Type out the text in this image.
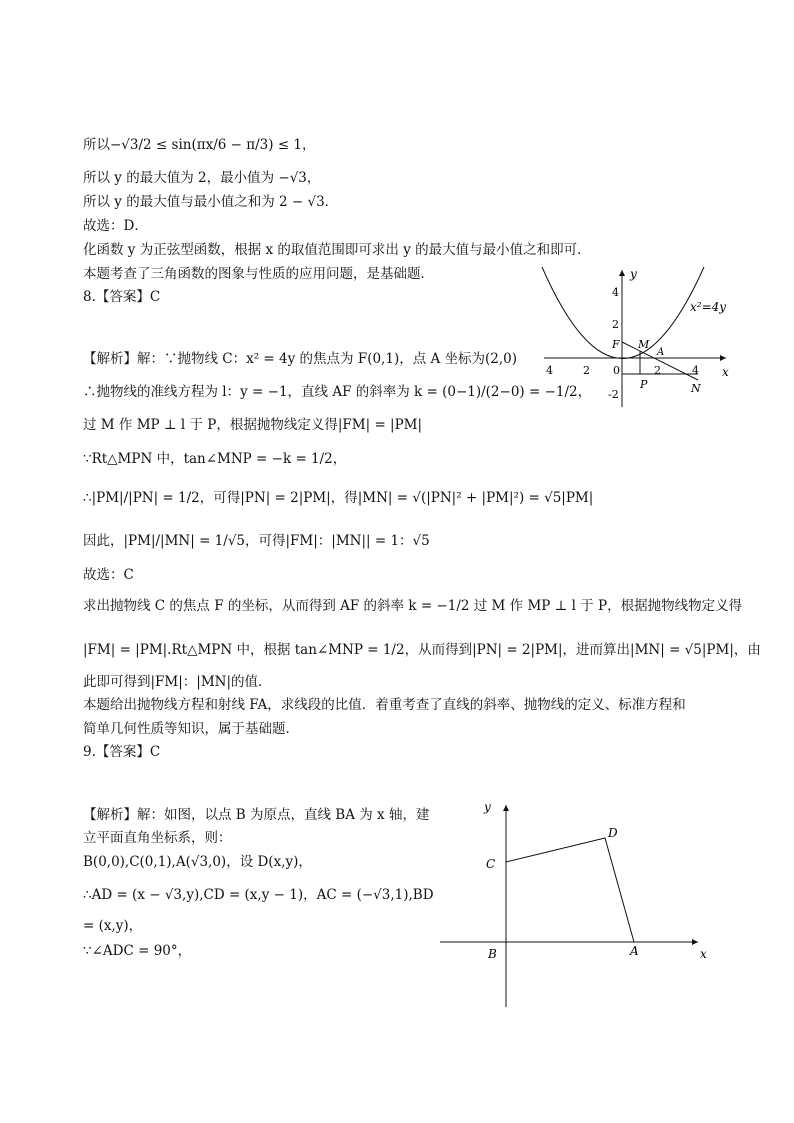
所以−√3/2 ≤ sin(πx/6 − π/3) ≤ 1，
所以 y 的最大值为 2，最小值为 −√3，
所以 y 的最大值与最小值之和为 2 − √3．
故选：D．
化函数 y 为正弦型函数，根据 x 的取值范围即可求出 y 的最大值与最小值之和即可．
本题考查了三角函数的图象与性质的应用问题，是基础题．
8.【答案】C
【解析】解：∵抛物线 C：x² = 4y 的焦点为 F(0,1)，点 A 坐标为(2,0)
∴抛物线的准线方程为 l：y = −1，直线 AF 的斜率为 k = (0−1)/(2−0) = −1/2，
过 M 作 MP ⊥ l 于 P，根据抛物线定义得|FM| = |PM|
∵Rt△MPN 中，tan∠MNP = −k = 1/2，
∴|PM|/|PN| = 1/2，可得|PN| = 2|PM|，得|MN| = √(|PN|² + |PM|²) = √5|PM|
因此，|PM|/|MN| = 1/√5，可得|FM|：|MN|| = 1：√5
故选：C
求出抛物线 C 的焦点 F 的坐标，从而得到 AF 的斜率 k = −1/2 过 M 作 MP ⊥ l 于 P，根据抛物线物定义得
|FM| = |PM|.Rt△MPN 中，根据 tan∠MNP = 1/2，从而得到|PN| = 2|PM|，进而算出|MN| = √5|PM|，由
此即可得到|FM|：|MN|的值．
本题给出抛物线方程和射线 FA，求线段的比值．着重考查了直线的斜率、抛物线的定义、标准方程和
简单几何性质等知识，属于基础题．
9.【答案】C
【解析】解：如图，以点 B 为原点，直线 BA 为 x 轴，建
立平面直角坐标系，则：
B(0,0),C(0,1),A(√3,0)，设 D(x,y)，
∴AD = (x − √3,y),CD = (x,y − 1)，AC = (−√3,1),BD
= (x,y)，
∵∠ADC = 90°，
x
y
x²=4y
4	2 0	2	4
4
2
-2
F M
A
P	N
x
y
B
C
D
A
